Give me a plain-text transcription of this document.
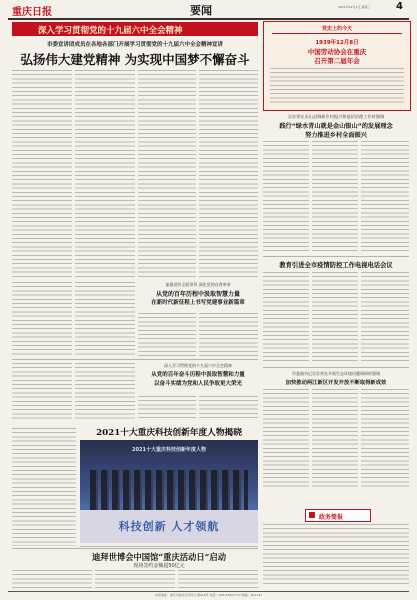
重庆日报	要闻	2021年12月1日 星期三	4
深入学习贯彻党的十九届六中全会精神
市委宣讲团成员在各地各部门开展学习贯彻党的十九届六中全会精神宣讲
弘扬伟大建党精神 为实现中国梦不懈奋斗
党史上的今天
1939年12月8日
中国劳动协会在重庆
召开第二届年会
吴存荣在巫山县调研乡村振兴和基层治理工作时强调
践行“绿水青山就是金山银山”的发展理念
努力推进乡村全面振兴
教育引进全市疫情防控工作电视电话会议
市委副书记吴存荣在开展生态环境问题调研时强调
加快推动两江新区开发开放不断取得新成效
政务简报
加强党的全面领导 深化党的自我革命
从党的百年历程中汲取智慧力量
在新时代新征程上书写党建事业新篇章
深入学习贯彻党的十九届六中全会精神
从党的百年奋斗历程中汲取智慧和力量
以奋斗实绩为党和人民争取更大荣光
2021十大重庆科技创新年度人物揭晓
2021十大重庆科技创新年度人物
科技创新 人才领航
迪拜世博会中国馆“重庆活动日”启动
现场签约金额超50亿元
本报地址：重庆市渝北区同茂大道416号 电话：023-63907777 邮编：401147
